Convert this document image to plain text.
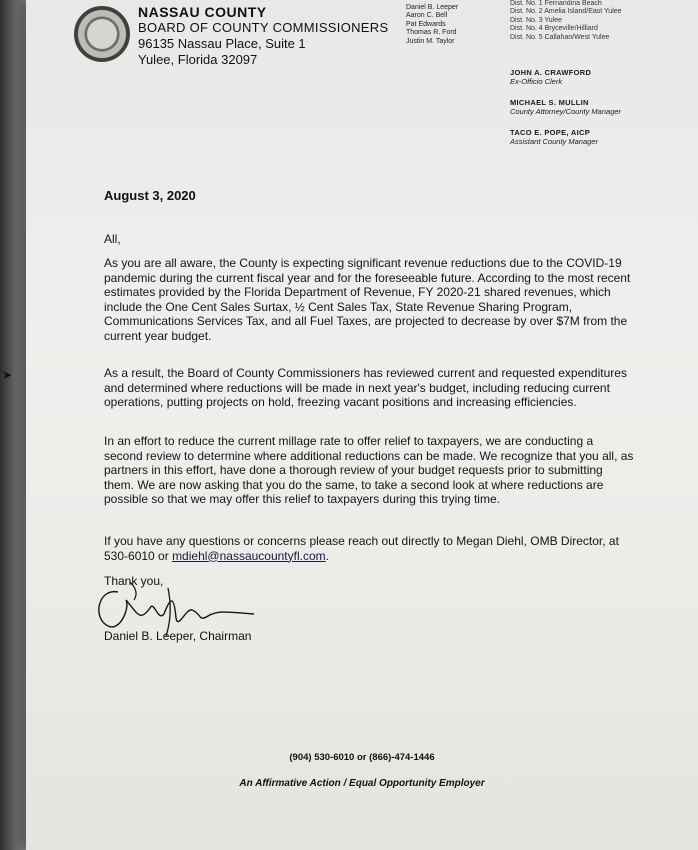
NASSAU COUNTY
BOARD OF COUNTY COMMISSIONERS
96135 Nassau Place, Suite 1
Yulee, Florida 32097
Daniel B. Leeper
Aaron C. Bell
Pat Edwards
Thomas R. Ford
Justin M. Taylor
Dist. No. 1 Fernandina Beach
Dist. No. 2 Amelia Island/East Yulee
Dist. No. 3 Yulee
Dist. No. 4 Bryceville/Hilliard
Dist. No. 5 Callahan/West Yulee
JOHN A. CRAWFORD
Ex-Officio Clerk
MICHAEL S. MULLIN
County Attorney/County Manager
TACO E. POPE, AICP
Assistant County Manager
August 3, 2020
All,
As you are all aware, the County is expecting significant revenue reductions due to the COVID-19 pandemic during the current fiscal year and for the foreseeable future. According to the most recent estimates provided by the Florida Department of Revenue, FY 2020-21 shared revenues, which include the One Cent Sales Surtax, ½ Cent Sales Tax, State Revenue Sharing Program, Communications Services Tax, and all Fuel Taxes, are projected to decrease by over $7M from the current year budget.
As a result, the Board of County Commissioners has reviewed current and requested expenditures and determined where reductions will be made in next year's budget, including reducing current operations, putting projects on hold, freezing vacant positions and increasing efficiencies.
In an effort to reduce the current millage rate to offer relief to taxpayers, we are conducting a second review to determine where additional reductions can be made. We recognize that you all, as partners in this effort, have done a thorough review of your budget requests prior to submitting them. We are now asking that you do the same, to take a second look at where reductions are possible so that we may offer this relief to taxpayers during this trying time.
If you have any questions or concerns please reach out directly to Megan Diehl, OMB Director, at 530-6010 or mdiehl@nassaucountyfl.com.
Thank you,
Daniel B. Leeper, Chairman
(904) 530-6010 or (866)-474-1446
An Affirmative Action / Equal Opportunity Employer
➤
